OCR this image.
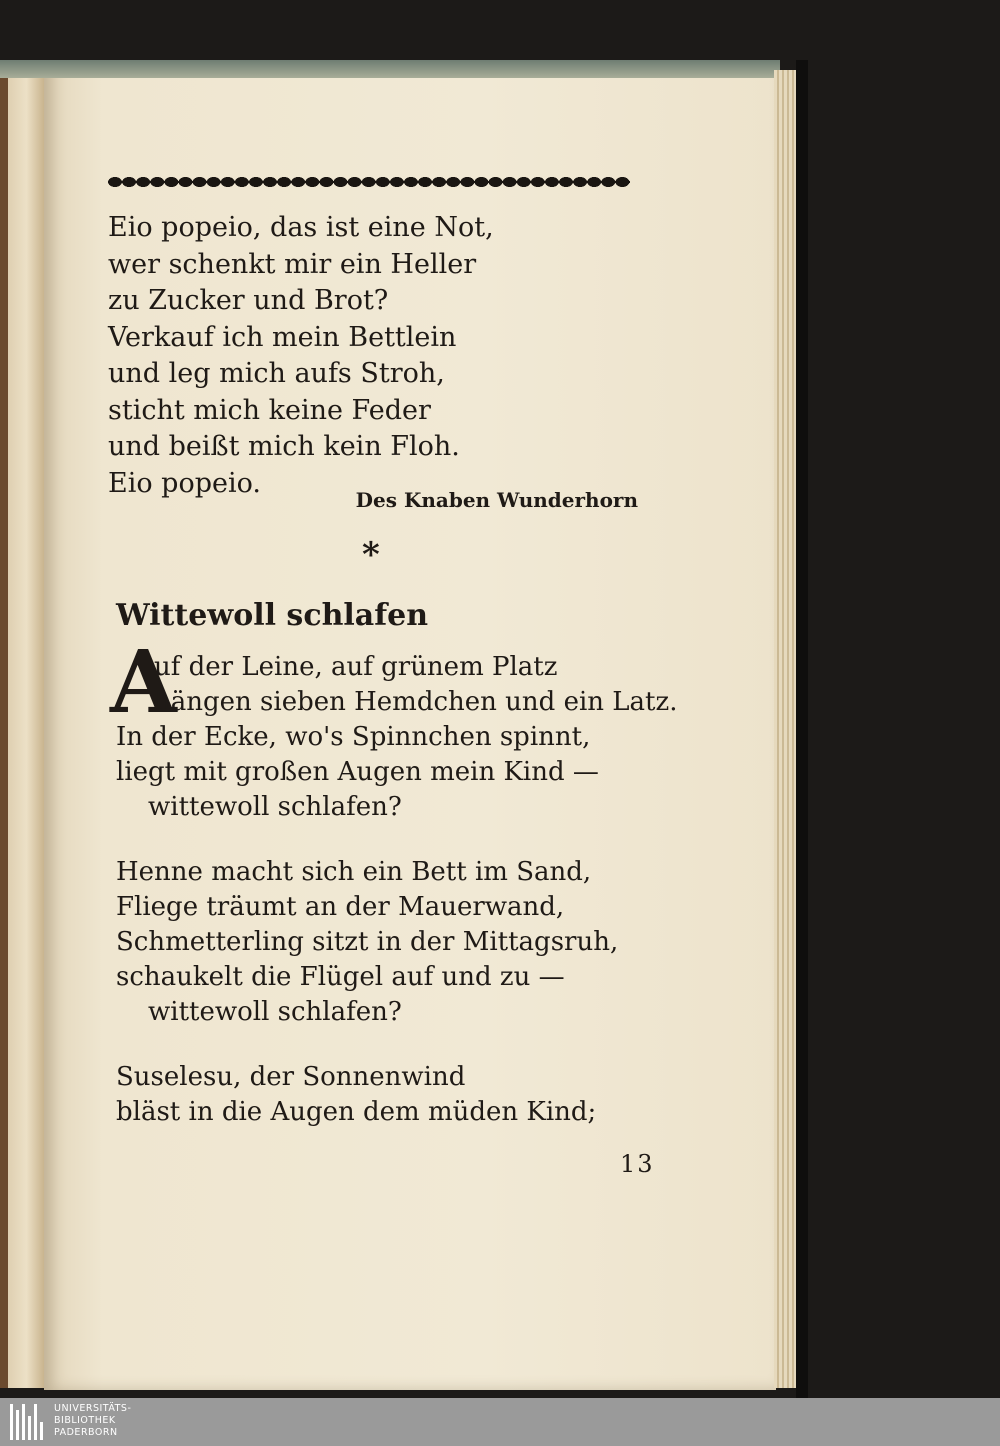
Eio popeio, das ist eine Not,
wer schenkt mir ein Heller
zu Zucker und Brot?
Verkauf ich mein Bettlein
und leg mich aufs Stroh,
sticht mich keine Feder
und beißt mich kein Floh.
Eio popeio.
Des Knaben Wunderhorn
*
Wittewoll schlafen
A
uf der Leine, auf grünem Platz
hängen sieben Hemdchen und ein Latz.
In der Ecke, wo's Spinnchen spinnt,
liegt mit großen Augen mein Kind —
wittewoll schlafen?
Henne macht sich ein Bett im Sand,
Fliege träumt an der Mauerwand,
Schmetterling sitzt in der Mittagsruh,
schaukelt die Flügel auf und zu —
wittewoll schlafen?
Suselesu, der Sonnenwind
bläst in die Augen dem müden Kind;
13
UNIVERSITÄTS-
BIBLIOTHEK
PADERBORN
